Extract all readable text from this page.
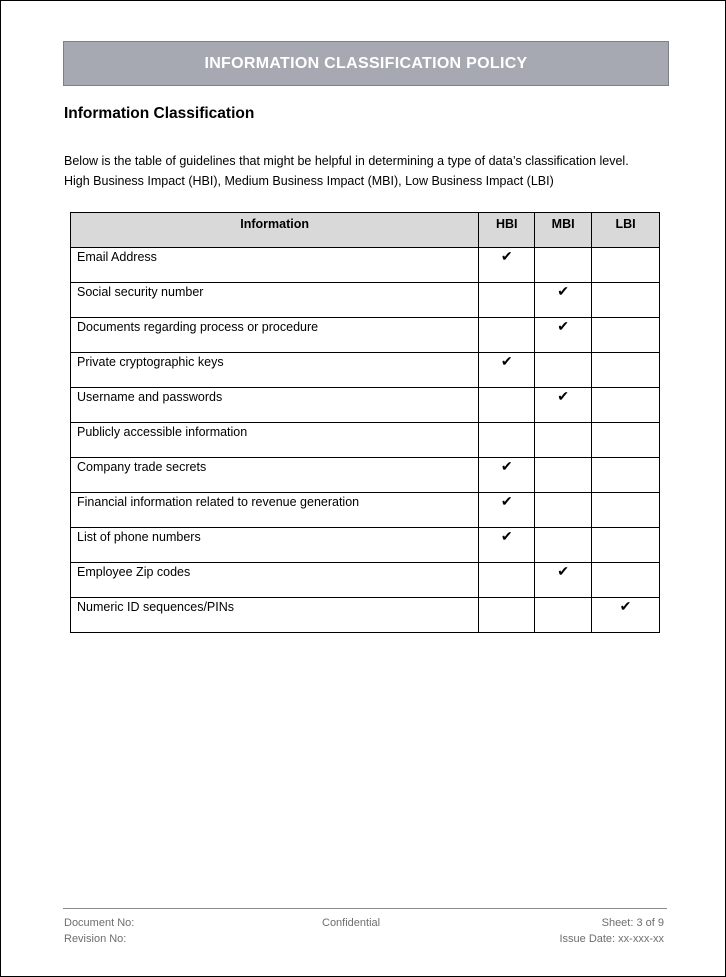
INFORMATION CLASSIFICATION POLICY
Information Classification

Below is the table of guidelines that might be helpful in determining a type of data’s classification level.

High Business Impact (HBI), Medium Business Impact (MBI), Low Business Impact (LBI)

Information	HBI	MBI	LBI
Email Address	✔		
Social security number		✔	
Documents regarding process or procedure		✔	
Private cryptographic keys	✔		
Username and passwords		✔	
Publicly accessible information			
Company trade secrets	✔		
Financial information related to revenue generation	✔		
List of phone numbers	✔		
Employee Zip codes		✔	
Numeric ID sequences/PINs			✔
Document No:
Revision No:
Confidential	Sheet: 3 of 9
Issue Date: xx-xxx-xx
